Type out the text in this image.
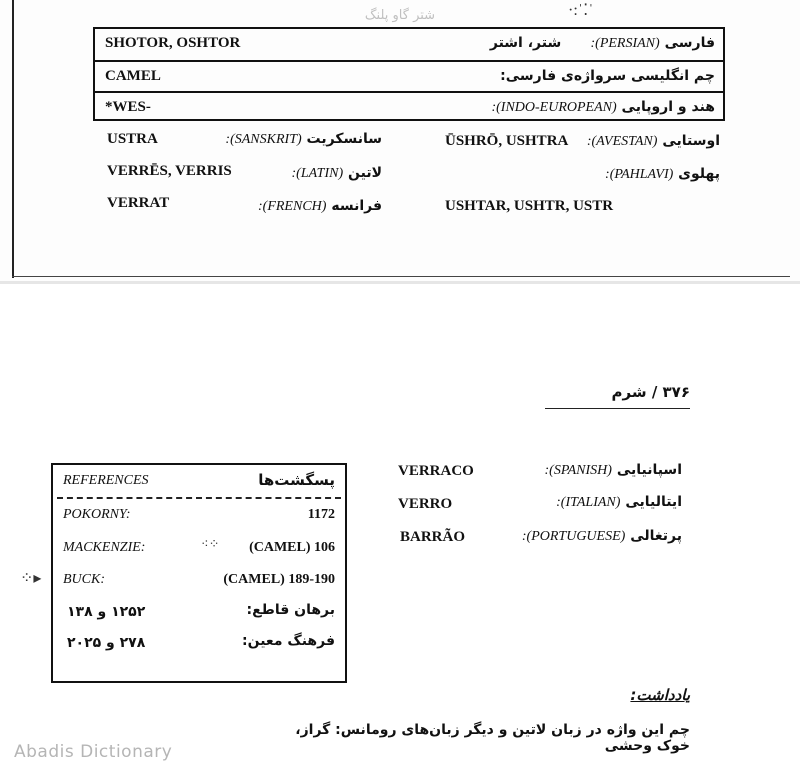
شتر گاو پلنگ	·:ˈ⁚ˈ
SHOTOR, OSHTOR	فارسی (PERSIAN):      شتر، اشتر
CAMEL	چم انگلیسی سرواژه‌ی فارسی:
*WES-	هند و اروپایی (INDO-EUROPEAN):
USTRA	سانسکریت (SANSKRIT):	ŪSHRŌ, USHTRA	اوستایی (AVESTAN):
VERRĒS, VERRIS	لاتین (LATIN):	پهلوی (PAHLAVI):
VERRAT	فرانسه (FRENCH):	USHTAR, USHTR, USTR
۳۷۶ / شرم
REFERENCES	پسگشت‌ها
POKORNY:	1172
MACKENZIE:	⁖⁘ (CAMEL) 106
BUCK:	(CAMEL) 189-190
برهان قاطع:
۱۲۵۲ و ۱۳۸
فرهنگ معین:
۲۷۸ و ۲۰۲۵
⁘▸
VERRACO	اسپانیایی (SPANISH):
VERRO	ایتالیایی (ITALIAN):
BARRÃO	پرتغالی (PORTUGUESE):
یادداشت:
چم این واژه در زبان لاتین و دیگر زبان‌های رومانس: گراز، خوک وحشی
Abadis Dictionary
